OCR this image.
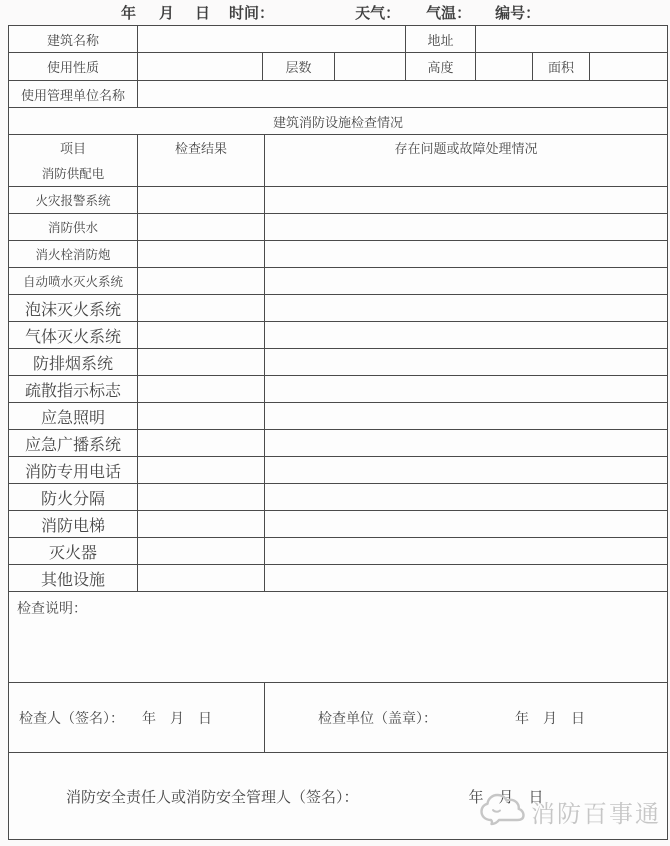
年 月 日 时间：	天气： 气温： 编号：
建筑名称	地址
使用性质	层数	高度	面积
使用管理单位名称
建筑消防设施检查情况
项目	检查结果	存在问题或故障处理情况
消防供配电
火灾报警系统
消防供水
消火栓消防炮
自动喷水灭火系统
泡沫灭火系统
气体灭火系统
防排烟系统
疏散指示标志
应急照明
应急广播系统
消防专用电话
防火分隔
消防电梯
灭火器
其他设施
检查说明：
检查人（签名）： 年　月　日	检查单位（盖章）：	年　月　日
消防安全责任人或消防安全管理人（签名）：	年　月　日
消防百事通
